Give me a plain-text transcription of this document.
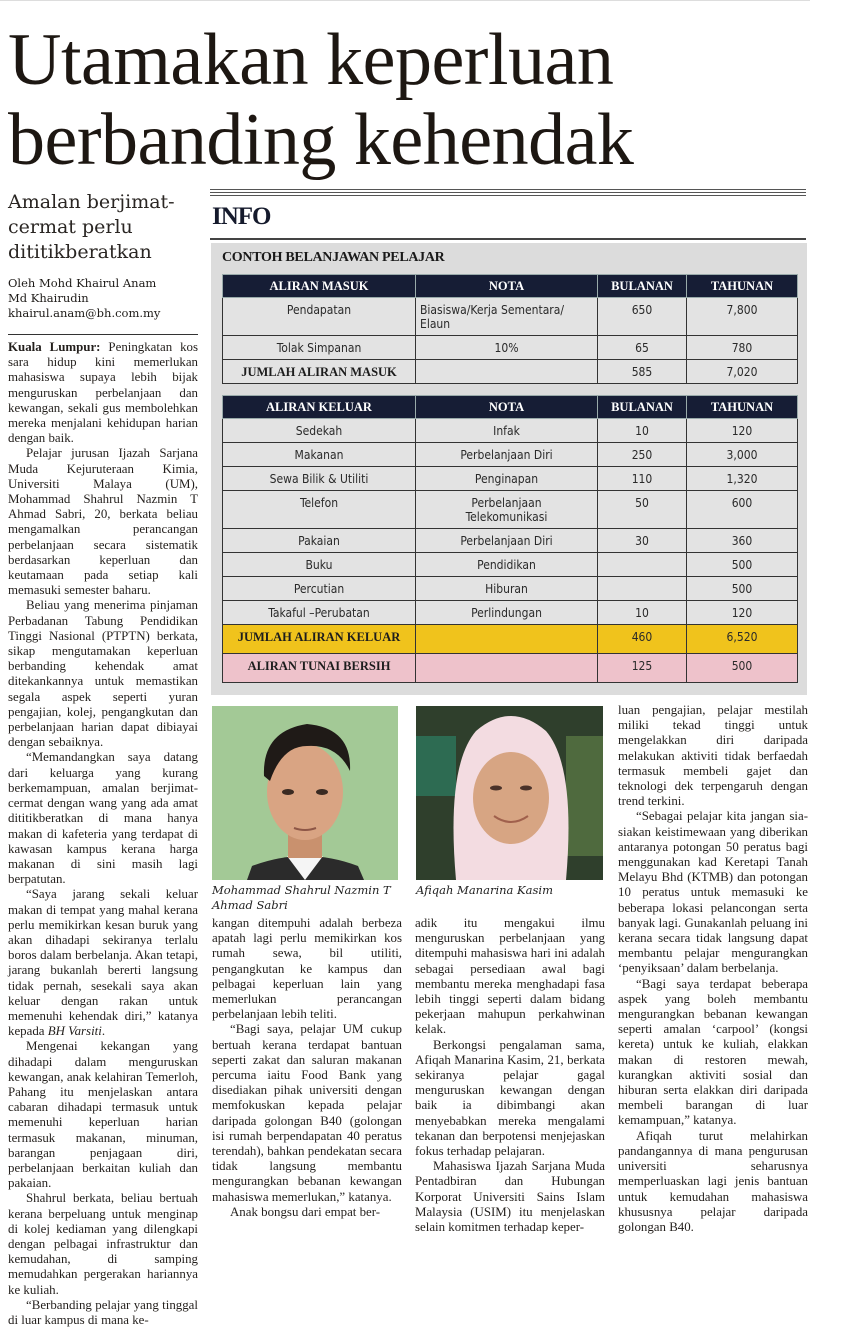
Utamakan keperluan
berbanding kehendak
Amalan berjimat-cermat perlu dititikberatkan
Oleh Mohd Khairul Anam
Md Khairudin
khairul.anam@bh.com.my

Kuala Lumpur: Peningkatan kos sara hidup kini memerlukan mahasiswa supaya lebih bijak menguruskan perbelanjaan dan kewangan, sekali gus membolehkan mereka menjalani kehidupan harian dengan baik.

Pelajar jurusan Ijazah Sarjana Muda Kejuruteraan Kimia, Universiti Malaya (UM), Mohammad Shahrul Nazmin T Ahmad Sabri, 20, berkata beliau mengamalkan perancangan perbelanjaan secara sistematik berdasarkan keperluan dan keutamaan pada setiap kali memasuki semester baharu.

Beliau yang menerima pinjaman Perbadanan Tabung Pendidikan Tinggi Nasional (PTPTN) berkata, sikap mengutamakan keperluan berbanding kehendak amat ditekankannya untuk memastikan segala aspek seperti yuran pengajian, kolej, pengangkutan dan perbelanjaan harian dapat dibiayai dengan sebaiknya.

“Memandangkan saya datang dari keluarga yang kurang berkemampuan, amalan berjimat-cermat dengan wang yang ada amat dititikberatkan di mana hanya makan di kafeteria yang terdapat di kawasan kampus kerana harga makanan di sini masih lagi berpatutan.

“Saya jarang sekali keluar makan di tempat yang mahal kerana perlu memikirkan kesan buruk yang akan dihadapi sekiranya terlalu boros dalam berbelanja. Akan tetapi, jarang bukanlah bererti langsung tidak pernah, sesekali saya akan keluar dengan rakan untuk memenuhi kehendak diri,” katanya kepada BH Varsiti.

Mengenai kekangan yang dihadapi dalam menguruskan kewangan, anak kelahiran Temerloh, Pahang itu menjelaskan antara cabaran dihadapi termasuk untuk memenuhi keperluan harian termasuk makanan, minuman, barangan penjagaan diri, perbelanjaan berkaitan kuliah dan pakaian.

Shahrul berkata, beliau bertuah kerana berpeluang untuk menginap di kolej kediaman yang dilengkapi dengan pelbagai infrastruktur dan kemudahan, di samping memudahkan pergerakan hariannya ke kuliah.

“Berbanding pelajar yang tinggal di luar kampus di mana ke-

INFO
CONTOH BELANJAWAN PELAJAR
ALIRAN MASUK	NOTA	BULANAN	TAHUNAN
Pendapatan	Biasiswa/Kerja Sementara/ Elaun	650	7,800
Tolak Simpanan	10%	65	780
JUMLAH ALIRAN MASUK		585	7,020
ALIRAN KELUAR	NOTA	BULANAN	TAHUNAN
Sedekah	Infak	10	120
Makanan	Perbelanjaan Diri	250	3,000
Sewa Bilik & Utiliti	Penginapan	110	1,320
Telefon	Perbelanjaan Telekomunikasi	50	600
Pakaian	Perbelanjaan Diri	30	360
Buku	Pendidikan		500
Percutian	Hiburan		500
Takaful –Perubatan	Perlindungan	10	120
JUMLAH ALIRAN KELUAR		460	6,520
ALIRAN TUNAI BERSIH		125	500
Mohammad Shahrul Nazmin T Ahmad Sabri
Afiqah Manarina Kasim

kangan ditempuhi adalah berbeza apatah lagi perlu memikirkan kos rumah sewa, bil utiliti, pengangkutan ke kampus dan pelbagai keperluan lain yang memerlukan perancangan perbelanjaan lebih teliti.

“Bagi saya, pelajar UM cukup bertuah kerana terdapat bantuan seperti zakat dan saluran makanan percuma iaitu Food Bank yang disediakan pihak universiti dengan memfokuskan kepada pelajar daripada golongan B40 (golongan isi rumah berpendapatan 40 peratus terendah), bahkan pendekatan secara tidak langsung membantu mengurangkan bebanan kewangan mahasiswa memerlukan,” katanya.

Anak bongsu dari empat ber-

adik itu mengakui ilmu menguruskan perbelanjaan yang ditempuhi mahasiswa hari ini adalah sebagai persediaan awal bagi membantu mereka menghadapi fasa lebih tinggi seperti dalam bidang pekerjaan mahupun perkahwinan kelak.

Berkongsi pengalaman sama, Afiqah Manarina Kasim, 21, berkata sekiranya pelajar gagal menguruskan kewangan dengan baik ia dibimbangi akan menyebabkan mereka mengalami tekanan dan berpotensi menjejaskan fokus terhadap pelajaran.

Mahasiswa Ijazah Sarjana Muda Pentadbiran dan Hubungan Korporat Universiti Sains Islam Malaysia (USIM) itu menjelaskan selain komitmen terhadap keper-

luan pengajian, pelajar mestilah miliki tekad tinggi untuk mengelakkan diri daripada melakukan aktiviti tidak berfaedah termasuk membeli gajet dan teknologi dek terpengaruh dengan trend terkini.

“Sebagai pelajar kita jangan sia-siakan keistimewaan yang diberikan antaranya potongan 50 peratus bagi menggunakan kad Keretapi Tanah Melayu Bhd (KTMB) dan potongan 10 peratus untuk memasuki ke beberapa lokasi pelancongan serta banyak lagi. Gunakanlah peluang ini kerana secara tidak langsung dapat membantu pelajar mengurangkan ‘penyiksaan’ dalam berbelanja.

“Bagi saya terdapat beberapa aspek yang boleh membantu mengurangkan bebanan kewangan seperti amalan ‘carpool’ (kongsi kereta) untuk ke kuliah, elakkan makan di restoren mewah, kurangkan aktiviti sosial dan hiburan serta elakkan diri daripada membeli barangan di luar kemampuan,” katanya.

Afiqah turut melahirkan pandangannya di mana pengurusan universiti seharusnya memperluaskan lagi jenis bantuan untuk kemudahan mahasiswa khususnya pelajar daripada golongan B40.
